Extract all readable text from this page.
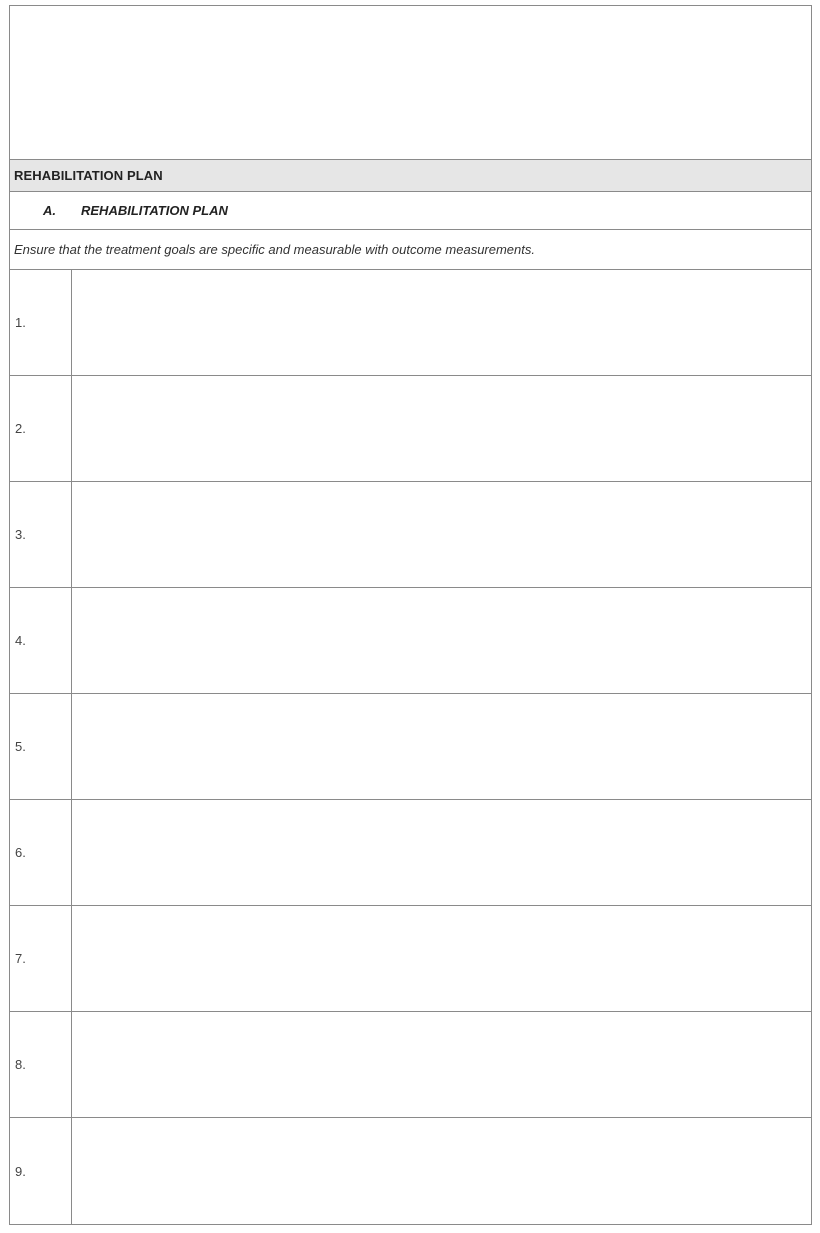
REHABILITATION PLAN
A.	REHABILITATION PLAN
Ensure that the treatment goals are specific and measurable with outcome measurements.
1.
2.
3.
4.
5.
6.
7.
8.
9.
